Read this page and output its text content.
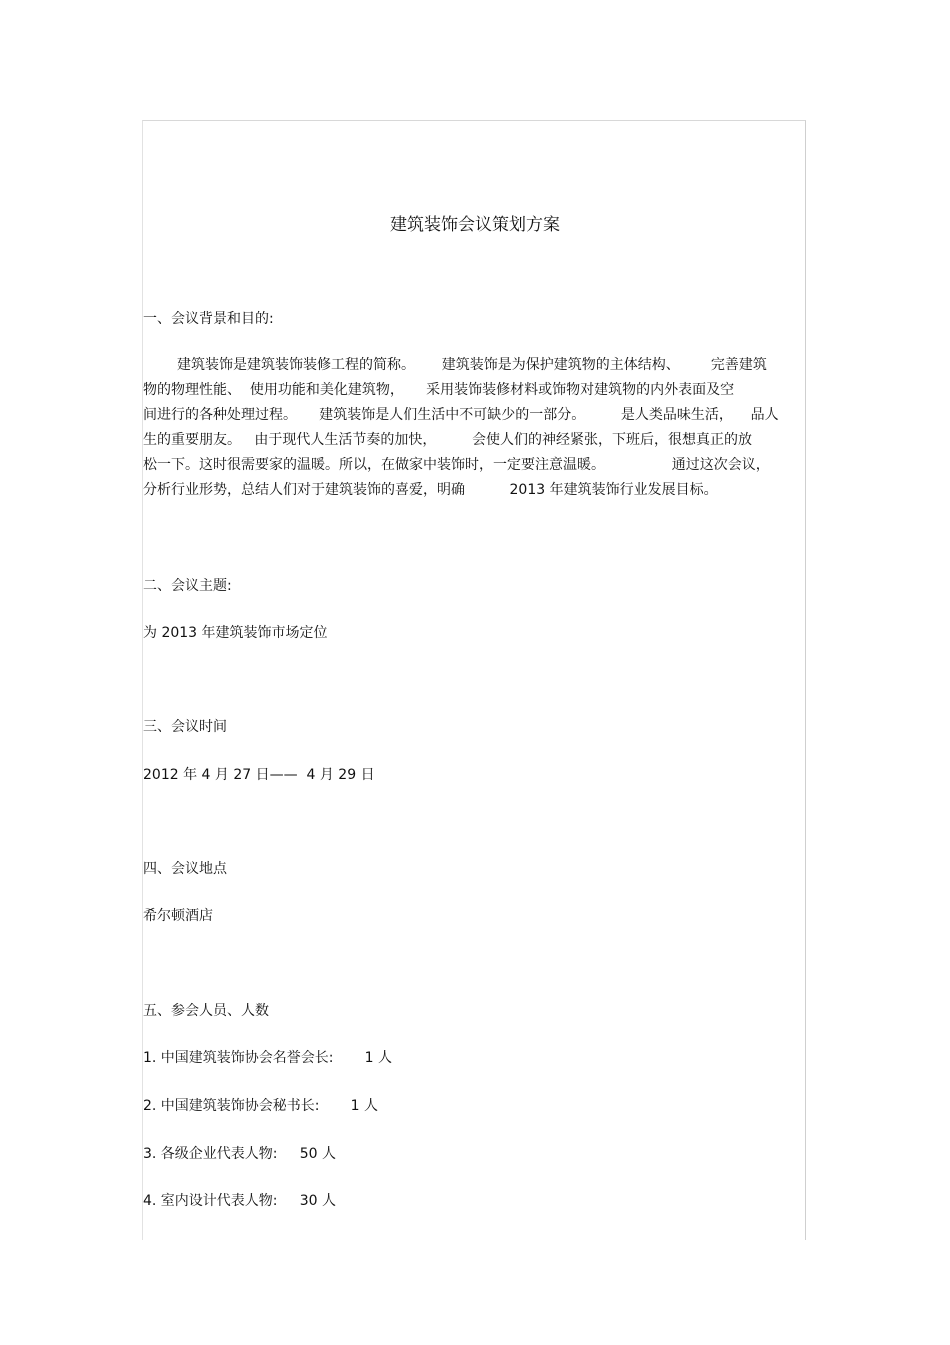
建筑装饰会议策划方案
一、会议背景和目的:
建筑装饰是建筑装饰装修工程的简称。      建筑装饰是为保护建筑物的主体结构、       完善建筑
物的物理性能、  使用功能和美化建筑物，     采用装饰装修材料或饰物对建筑物的内外表面及空
间进行的各种处理过程。     建筑装饰是人们生活中不可缺少的一部分。        是人类品味生活，    品人
生的重要朋友。   由于现代人生活节奏的加快，        会使人们的神经紧张，下班后，很想真正的放
松一下。这时很需要家的温暖。所以，在做家中装饰时，一定要注意温暖。               通过这次会议，
分析行业形势，总结人们对于建筑装饰的喜爱，明确          2013 年建筑装饰行业发展目标。
二、会议主题:
为 2013 年建筑装饰市场定位
三、会议时间
2012 年 4 月 27 日——  4 月 29 日
四、会议地点
希尔顿酒店
五、参会人员、人数
1. 中国建筑装饰协会名誉会长:       1 人
2. 中国建筑装饰协会秘书长:       1 人
3. 各级企业代表人物:     50 人
4. 室内设计代表人物:     30 人
